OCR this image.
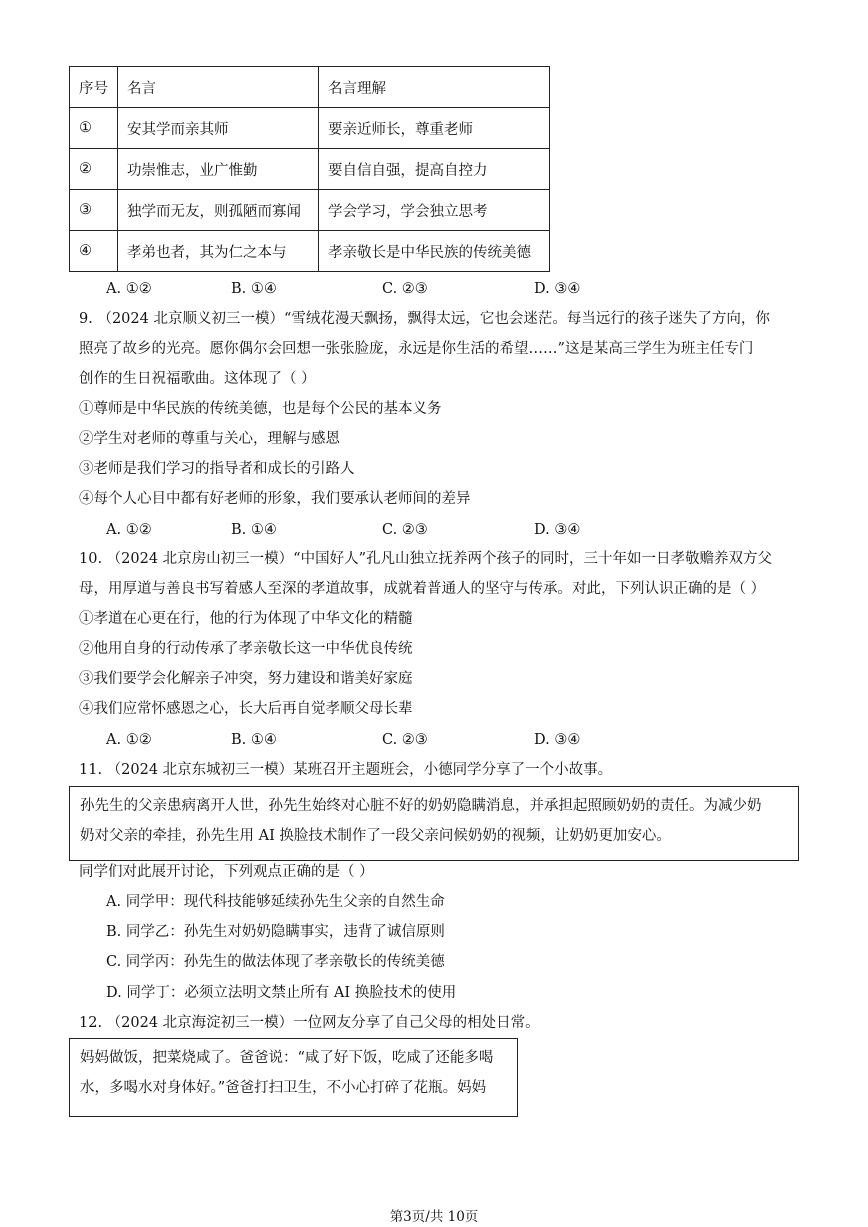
序号	名言	名言理解
①	安其学而亲其师	要亲近师长，尊重老师
②	功崇惟志，业广惟勤	要自信自强，提高自控力
③	独学而无友，则孤陋而寡闻	学会学习，学会独立思考
④	孝弟也者，其为仁之本与	孝亲敬长是中华民族的传统美德
A. ①②	B. ①④	C. ②③	D. ③④
9. （2024 北京顺义初三一模）“雪绒花漫天飘扬，飘得太远，它也会迷茫。每当远行的孩子迷失了方向，你
照亮了故乡的光亮。愿你偶尔会回想一张张脸庞，永远是你生活的希望……”这是某高三学生为班主任专门
创作的生日祝福歌曲。这体现了（ ）
①尊师是中华民族的传统美德，也是每个公民的基本义务
②学生对老师的尊重与关心，理解与感恩
③老师是我们学习的指导者和成长的引路人
④每个人心目中都有好老师的形象，我们要承认老师间的差异
A. ①②	B. ①④	C. ②③	D. ③④
10. （2024 北京房山初三一模）“中国好人”孔凡山独立抚养两个孩子的同时，三十年如一日孝敬赡养双方父
母，用厚道与善良书写着感人至深的孝道故事，成就着普通人的坚守与传承。对此，下列认识正确的是（ ）
①孝道在心更在行，他的行为体现了中华文化的精髓
②他用自身的行动传承了孝亲敬长这一中华优良传统
③我们要学会化解亲子冲突，努力建设和谐美好家庭
④我们应常怀感恩之心，长大后再自觉孝顺父母长辈
A. ①②	B. ①④	C. ②③	D. ③④
11. （2024 北京东城初三一模）某班召开主题班会，小德同学分享了一个小故事。
孙先生的父亲患病离开人世，孙先生始终对心脏不好的奶奶隐瞒消息，并承担起照顾奶奶的责任。为减少奶
奶对父亲的牵挂，孙先生用 AI 换脸技术制作了一段父亲问候奶奶的视频，让奶奶更加安心。
同学们对此展开讨论，下列观点正确的是（ ）
A. 同学甲：现代科技能够延续孙先生父亲的自然生命
B. 同学乙：孙先生对奶奶隐瞒事实，违背了诚信原则
C. 同学丙：孙先生的做法体现了孝亲敬长的传统美德
D. 同学丁：必须立法明文禁止所有 AI 换脸技术的使用
12. （2024 北京海淀初三一模）一位网友分享了自己父母的相处日常。
妈妈做饭，把菜烧咸了。爸爸说：“咸了好下饭，吃咸了还能多喝
水，多喝水对身体好。”爸爸打扫卫生，不小心打碎了花瓶。妈妈
第3页/共 10页
